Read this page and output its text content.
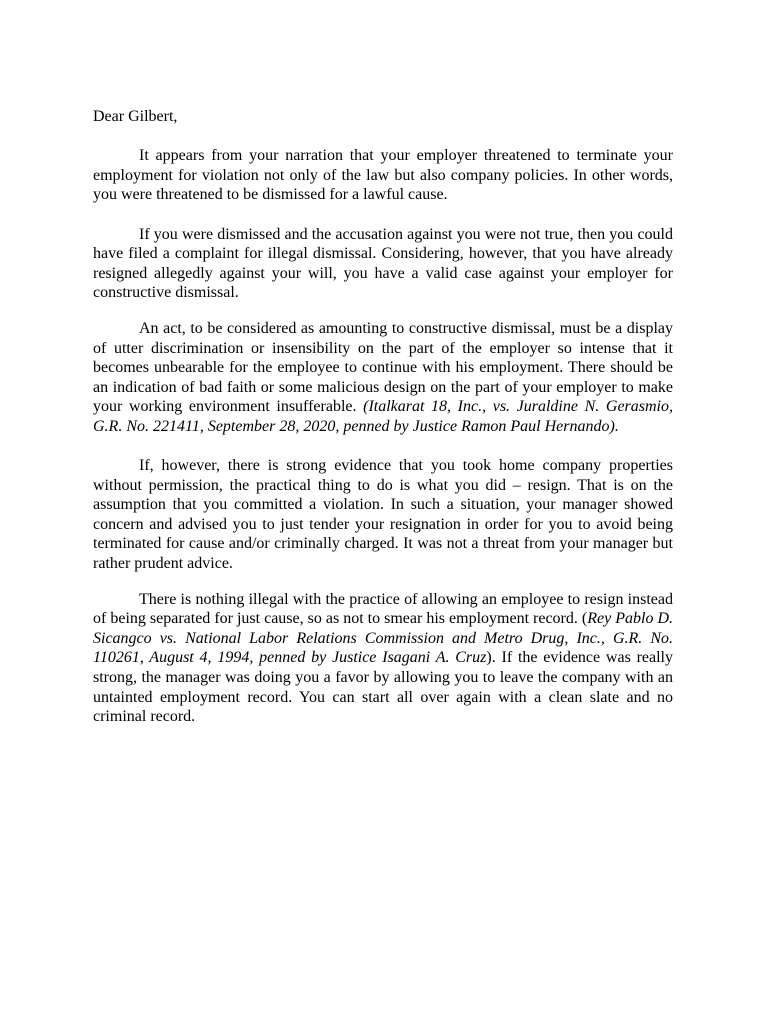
Dear Gilbert,

It appears from your narration that your employer threatened to terminate your employment for violation not only of the law but also company policies. In other words, you were threatened to be dismissed for a lawful cause.

If you were dismissed and the accusation against you were not true, then you could have filed a complaint for illegal dismissal. Considering, however, that you have already resigned allegedly against your will, you have a valid case against your employer for constructive dismissal.

An act, to be considered as amounting to constructive dismissal, must be a display of utter discrimination or insensibility on the part of the employer so intense that it becomes unbearable for the employee to continue with his employment. There should be an indication of bad faith or some malicious design on the part of your employer to make your working environment insufferable. (Italkarat 18, Inc., vs. Juraldine N. Gerasmio, G.R. No. 221411, September 28, 2020, penned by Justice Ramon Paul Hernando).

If, however, there is strong evidence that you took home company properties without permission, the practical thing to do is what you did – resign. That is on the assumption that you committed a violation. In such a situation, your manager showed concern and advised you to just tender your resignation in order for you to avoid being terminated for cause and/or criminally charged. It was not a threat from your manager but rather prudent advice.

There is nothing illegal with the practice of allowing an employee to resign instead of being separated for just cause, so as not to smear his employment record. (Rey Pablo D. Sicangco vs. National Labor Relations Commission and Metro Drug, Inc., G.R. No. 110261, August 4, 1994, penned by Justice Isagani A. Cruz). If the evidence was really strong, the manager was doing you a favor by allowing you to leave the company with an untainted employment record. You can start all over again with a clean slate and no criminal record.
